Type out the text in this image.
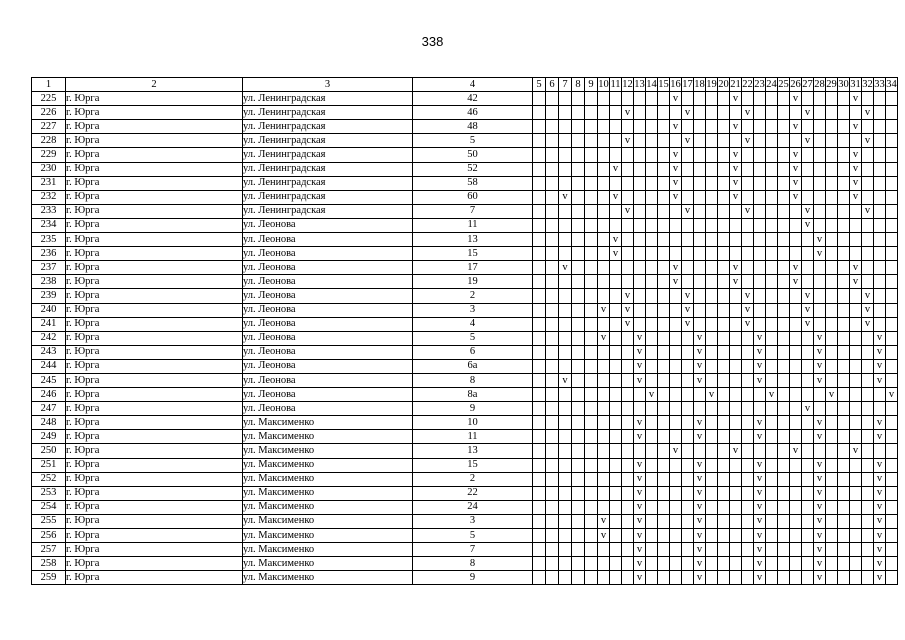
338
1	2	3	4	5	6	7	8	9	10	11	12	13	14	15	16	17	18	19	20	21	22	23	24	25	26	27	28	29	30	31	32	33	34
225	г. Юрга	ул. Ленинградская	42												v					v					v					v			
226	г. Юрга	ул. Ленинградская	46								v					v					v					v					v		
227	г. Юрга	ул. Ленинградская	48												v					v					v					v			
228	г. Юрга	ул. Ленинградская	5								v					v					v					v					v		
229	г. Юрга	ул. Ленинградская	50												v					v					v					v			
230	г. Юрга	ул. Ленинградская	52							v					v					v					v					v			
231	г. Юрга	ул. Ленинградская	58												v					v					v					v			
232	г. Юрга	ул. Ленинградская	60			v				v					v					v					v					v			
233	г. Юрга	ул. Ленинградская	7								v					v					v					v					v		
234	г. Юрга	ул. Леонова	11																							v							
235	г. Юрга	ул. Леонова	13							v																	v						
236	г. Юрга	ул. Леонова	15							v																	v						
237	г. Юрга	ул. Леонова	17			v									v					v					v					v			
238	г. Юрга	ул. Леонова	19												v					v					v					v			
239	г. Юрга	ул. Леонова	2								v					v					v					v					v		
240	г. Юрга	ул. Леонова	3						v		v					v					v					v					v		
241	г. Юрга	ул. Леонова	4								v					v					v					v					v		
242	г. Юрга	ул. Леонова	5						v			v					v					v					v					v	
243	г. Юрга	ул. Леонова	6									v					v					v					v					v	
244	г. Юрга	ул. Леонова	6а									v					v					v					v					v	
245	г. Юрга	ул. Леонова	8			v						v					v					v					v					v	
246	г. Юрга	ул. Леонова	8а										v					v					v					v					v
247	г. Юрга	ул. Леонова	9																							v							
248	г. Юрга	ул. Максименко	10									v					v					v					v					v	
249	г. Юрга	ул. Максименко	11									v					v					v					v					v	
250	г. Юрга	ул. Максименко	13												v					v					v					v			
251	г. Юрга	ул. Максименко	15									v					v					v					v					v	
252	г. Юрга	ул. Максименко	2									v					v					v					v					v	
253	г. Юрга	ул. Максименко	22									v					v					v					v					v	
254	г. Юрга	ул. Максименко	24									v					v					v					v					v	
255	г. Юрга	ул. Максименко	3						v			v					v					v					v					v	
256	г. Юрга	ул. Максименко	5						v			v					v					v					v					v	
257	г. Юрга	ул. Максименко	7									v					v					v					v					v	
258	г. Юрга	ул. Максименко	8									v					v					v					v					v	
259	г. Юрга	ул. Максименко	9									v					v					v					v					v	
